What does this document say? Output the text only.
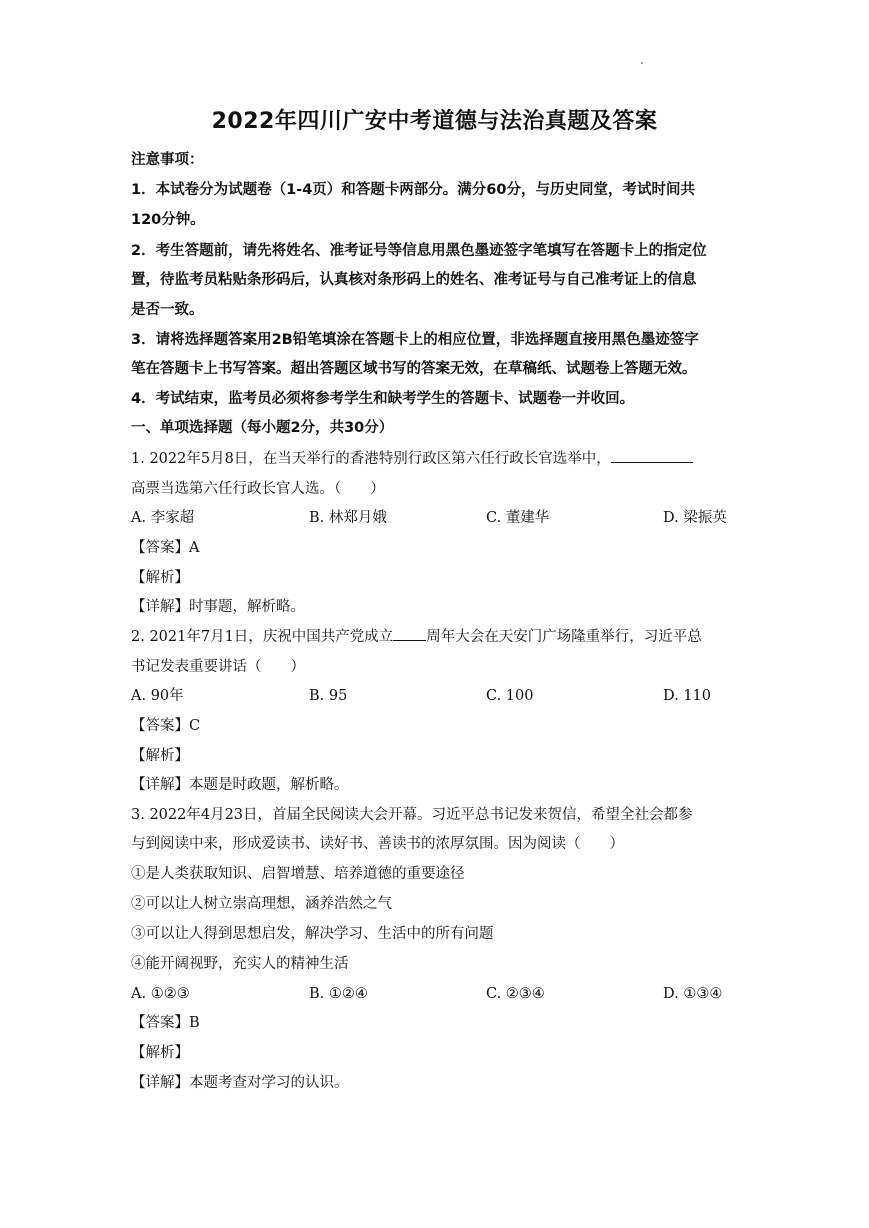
2022年四川广安中考道德与法治真题及答案
注意事项：
1．本试卷分为试题卷（1-4页）和答题卡两部分。满分60分，与历史同堂，考试时间共
120分钟。
2．考生答题前，请先将姓名、准考证号等信息用黑色墨迹签字笔填写在答题卡上的指定位
置，待监考员粘贴条形码后，认真核对条形码上的姓名、准考证号与自己准考证上的信息
是否一致。
3．请将选择题答案用2B铅笔填涂在答题卡上的相应位置，非选择题直接用黑色墨迹签字
笔在答题卡上书写答案。超出答题区域书写的答案无效，在草稿纸、试题卷上答题无效。
4．考试结束，监考员必须将参考学生和缺考学生的答题卡、试题卷一并收回。
一、单项选择题（每小题2分，共30分）
1. 2022年5月8日，在当天举行的香港特别行政区第六任行政长官选举中，
高票当选第六任行政长官人选。（　　）
A. 李家超	B. 林郑月娥	C. 董建华	D. 梁振英
【答案】A
【解析】
【详解】时事题，解析略。
2. 2021年7月1日，庆祝中国共产党成立 周年大会在天安门广场隆重举行，习近平总
书记发表重要讲话（　　）
A. 90年	B. 95	C. 100	D. 110
【答案】C
【解析】
【详解】本题是时政题，解析略。
3. 2022年4月23日，首届全民阅读大会开幕。习近平总书记发来贺信，希望全社会都参
与到阅读中来，形成爱读书、读好书、善读书的浓厚氛围。因为阅读（　　）
①是人类获取知识、启智增慧、培养道德的重要途径
②可以让人树立崇高理想，涵养浩然之气
③可以让人得到思想启发，解决学习、生活中的所有问题
④能开阔视野，充实人的精神生活
A. ①②③	B. ①②④	C. ②③④	D. ①③④
【答案】B
【解析】
【详解】本题考查对学习的认识。
